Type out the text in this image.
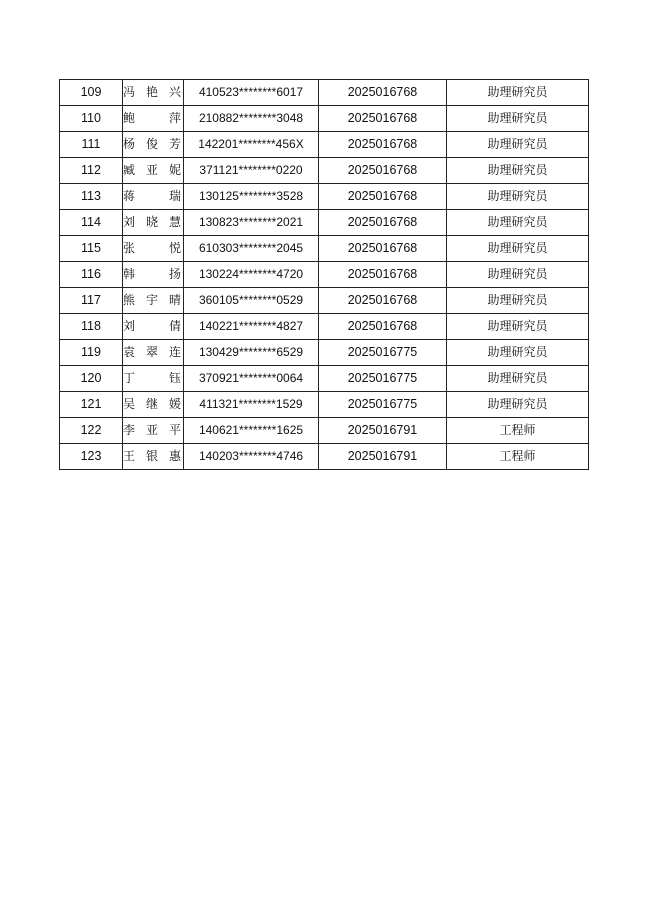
109	冯艳兴	410523********6017	2025016768	助理研究员
110	鲍 萍	210882********3048	2025016768	助理研究员
111	杨俊芳	142201********456X	2025016768	助理研究员
112	臧亚妮	371121********0220	2025016768	助理研究员
113	蒋 瑞	130125********3528	2025016768	助理研究员
114	刘晓慧	130823********2021	2025016768	助理研究员
115	张 悦	610303********2045	2025016768	助理研究员
116	韩 扬	130224********4720	2025016768	助理研究员
117	熊宇晴	360105********0529	2025016768	助理研究员
118	刘 倩	140221********4827	2025016768	助理研究员
119	袁翠连	130429********6529	2025016775	助理研究员
120	丁 钰	370921********0064	2025016775	助理研究员
121	吴继媛	411321********1529	2025016775	助理研究员
122	李亚平	140621********1625	2025016791	工程师
123	王银惠	140203********4746	2025016791	工程师
